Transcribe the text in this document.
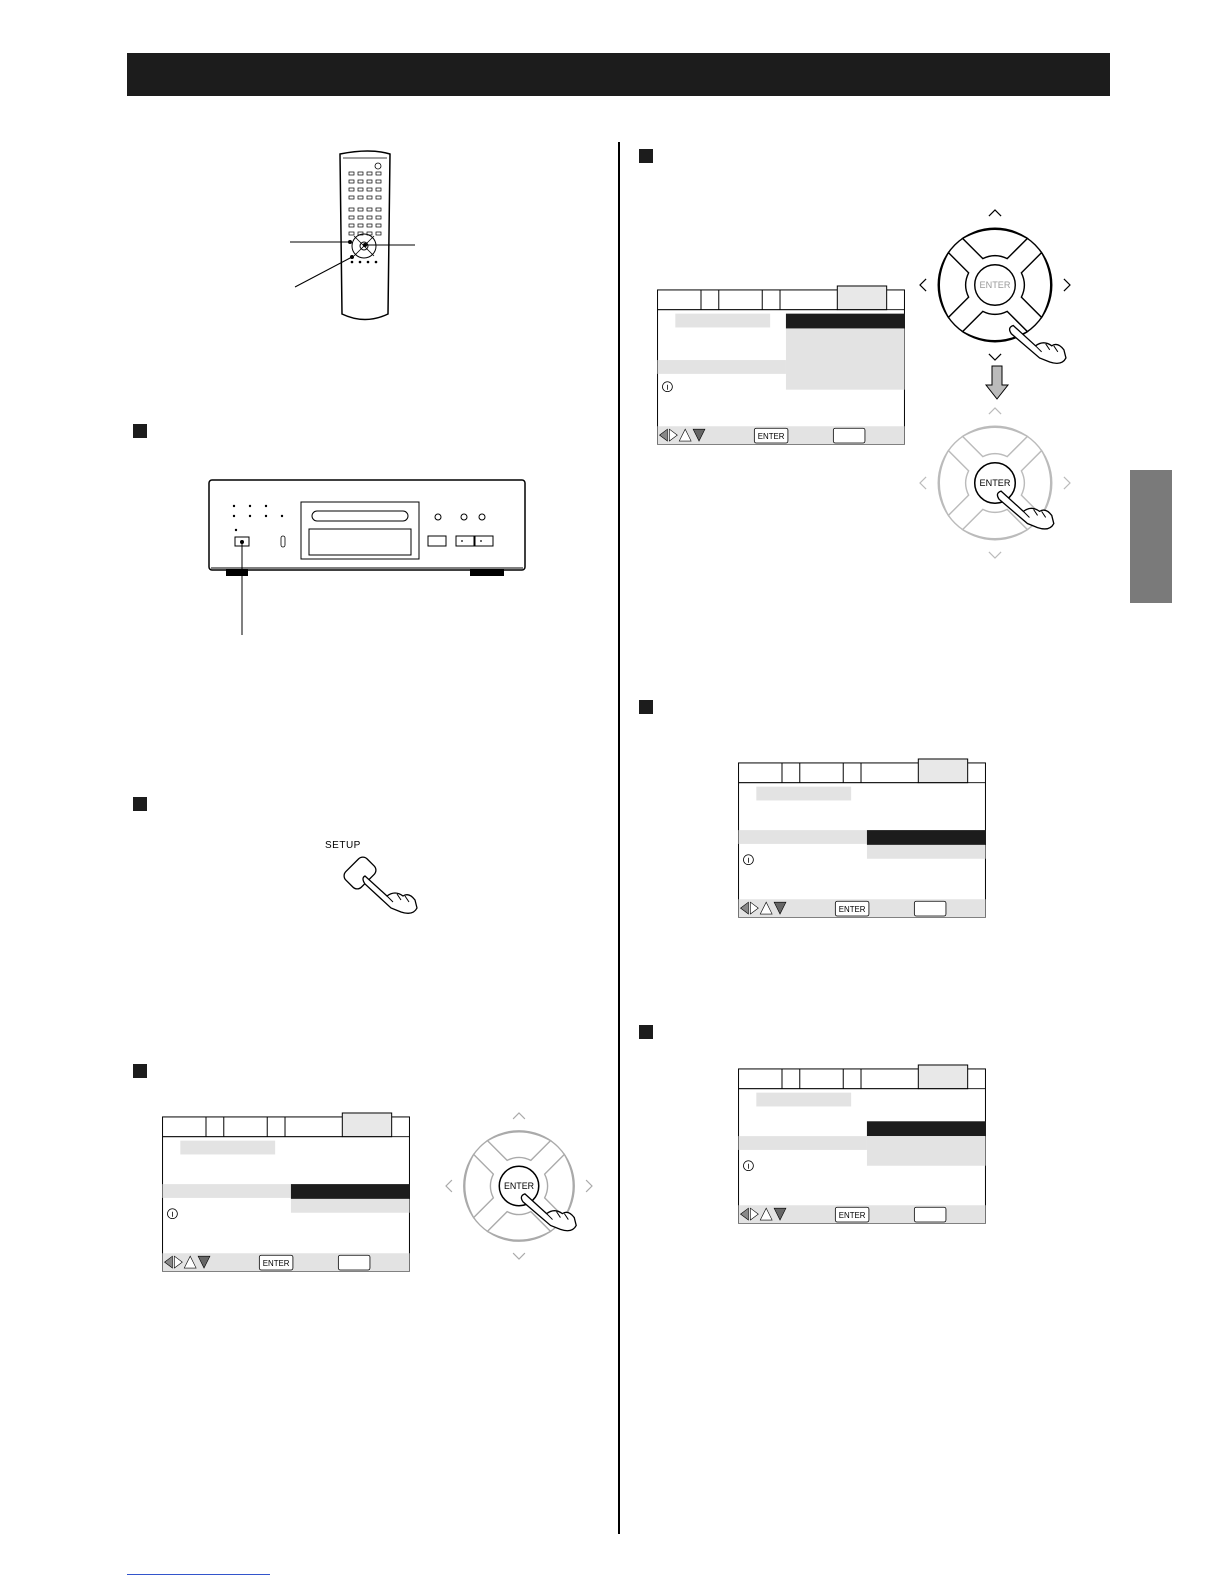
SETUP
ENTER
ENTER
ENTER
ENTER
